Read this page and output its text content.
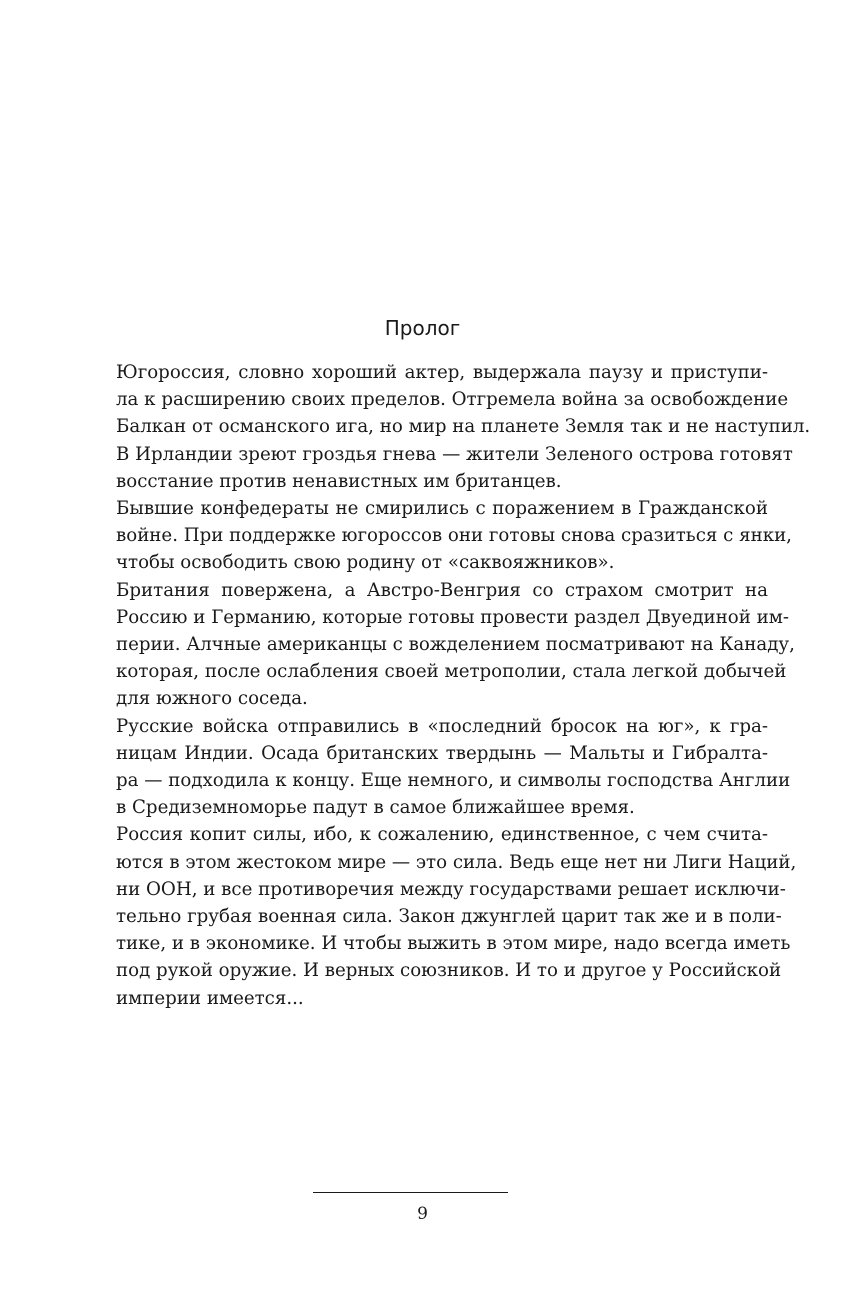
Пролог
Югороссия, словно хороший актер, выдержала паузу и приступи-
ла к расширению своих пределов. Отгремела война за освобождение
Балкан от османского ига, но мир на планете Земля так и не наступил.
В Ирландии зреют гроздья гнева — жители Зеленого острова готовят
восстание против ненавистных им британцев.
Бывшие конфедераты не смирились с поражением в Гражданской
войне. При поддержке югороссов они готовы снова сразиться с янки,
чтобы освободить свою родину от «саквояжников».
Британия повержена, а Австро-Венгрия со страхом смотрит на
Россию и Германию, которые готовы провести раздел Двуединой им-
перии. Алчные американцы с вожделением посматривают на Канаду,
которая, после ослабления своей метрополии, стала легкой добычей
для южного соседа.
Русские войска отправились в «последний бросок на юг», к гра-
ницам Индии. Осада британских твердынь — Мальты и Гибралта-
ра — подходила к концу. Еще немного, и символы господства Англии
в Средиземноморье падут в самое ближайшее время.
Россия копит силы, ибо, к сожалению, единственное, с чем счита-
ются в этом жестоком мире — это сила. Ведь еще нет ни Лиги Наций,
ни ООН, и все противоречия между государствами решает исключи-
тельно грубая военная сила. Закон джунглей царит так же и в поли-
тике, и в экономике. И чтобы выжить в этом мире, надо всегда иметь
под рукой оружие. И верных союзников. И то и другое у Российской
империи имеется...
9
